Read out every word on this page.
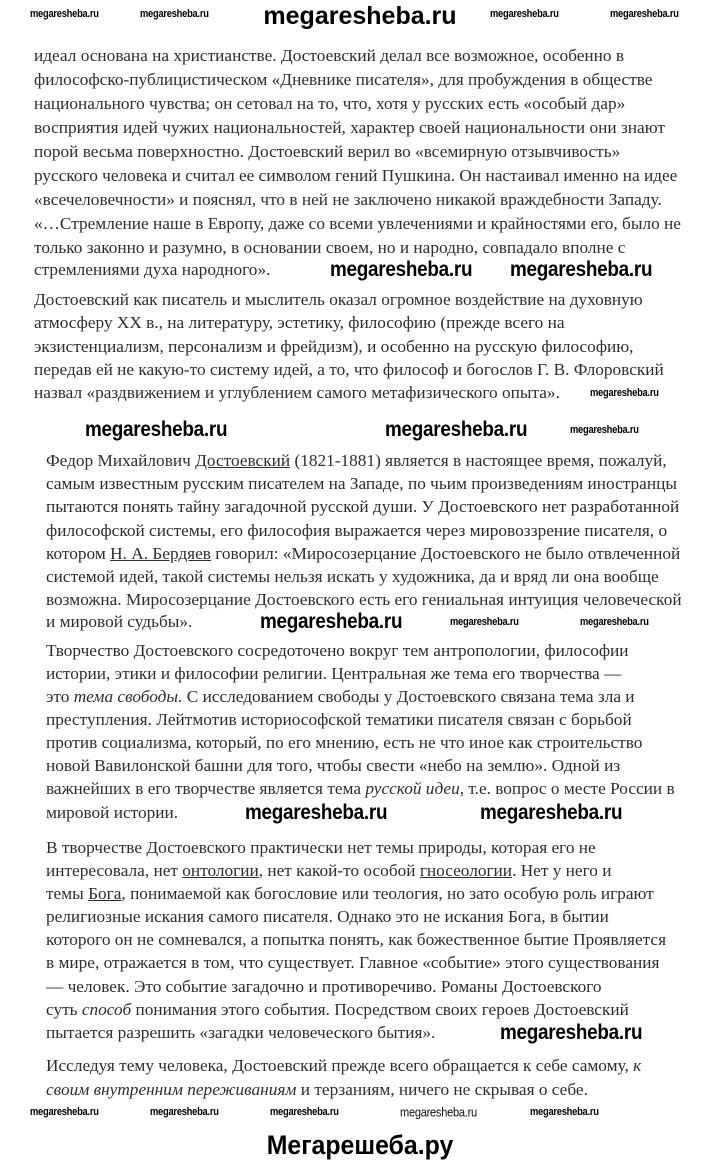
megaresheba.ru
идеал основана на христианстве. Достоевский делал все возможное, особенно в
философско-публицистическом «Дневнике писателя», для пробуждения в обществе
национального чувства; он сетовал на то, что, хотя у русских есть «особый дар»
восприятия идей чужих национальностей, характер своей национальности они знают
порой весьма поверхностно. Достоевский верил во «всемирную отзывчивость»
русского человека и считал ее символом гений Пушкина. Он настаивал именно на идее
«всечеловечности» и пояснял, что в ней не заключено никакой враждебности Западу.
«…Стремление наше в Европу, даже со всеми увлечениями и крайностями его, было не
только законно и разумно, в основании своем, но и народно, совпадало вполне с
стремлениями духа народного».
Достоевский как писатель и мыслитель оказал огромное воздействие на духовную
атмосферу XX в., на литературу, эстетику, философию (прежде всего на
экзистенциализм, персонализм и фрейдизм), и особенно на русскую философию,
передав ей не какую-то систему идей, а то, что философ и богослов Г. В. Флоровский
назвал «раздвижением и углублением самого метафизического опыта».
Федор Михайлович Достоевский (1821-1881) является в настоящее время, пожалуй,
самым известным русским писателем на Западе, по чьим произведениям иностранцы
пытаются понять тайну загадочной русской души. У Достоевского нет разработанной
философской системы, его философия выражается через мировоззрение писателя, о
котором Н. А. Бердяев говорил: «Миросозерцание Достоевского не было отвлеченной
системой идей, такой системы нельзя искать у художника, да и вряд ли она вообще
возможна. Миросозерцание Достоевского есть его гениальная интуиция человеческой
и мировой судьбы».
Творчество Достоевского сосредоточено вокруг тем антропологии, философии
истории, этики и философии религии. Центральная же тема его творчества —
это тема свободы. С исследованием свободы у Достоевского связана тема зла и
преступления. Лейтмотив историософской тематики писателя связан с борьбой
против социализма, который, по его мнению, есть не что иное как строительство
новой Вавилонской башни для того, чтобы свести «небо на землю». Одной из
важнейших в его творчестве является тема русской идеи, т.е. вопрос о месте России в
мировой истории.
В творчестве Достоевского практически нет темы природы, которая его не
интересовала, нет онтологии, нет какой-то особой гносеологии. Нет у него и
темы Бога, понимаемой как богословие или теология, но зато особую роль играют
религиозные искания самого писателя. Однако это не искания Бога, в бытии
которого он не сомневался, а попытка понять, как божественное бытие Проявляется
в мире, отражается в том, что существует. Главное «событие» этого существования
— человек. Это событие загадочно и противоречиво. Романы Достоевского
суть способ понимания этого события. Посредством своих героев Достоевский
пытается разрешить «загадки человеческого бытия».
Исследуя тему человека, Достоевский прежде всего обращается к себе самому, к
своим внутренним переживаниям и терзаниям, ничего не скрывая о себе.
megaresheba.ru	megaresheba.ru	megaresheba.ru	megaresheba.ru
megaresheba.ru megaresheba.ru
megaresheba.ru
megaresheba.ru	megaresheba.ru	megaresheba.ru
megaresheba.ru	megaresheba.ru	megaresheba.ru
megaresheba.ru	megaresheba.ru
megaresheba.ru
megaresheba.ru	megaresheba.ru	megaresheba.ru	megaresheba.ru	megaresheba.ru
Мегарешеба.ру
